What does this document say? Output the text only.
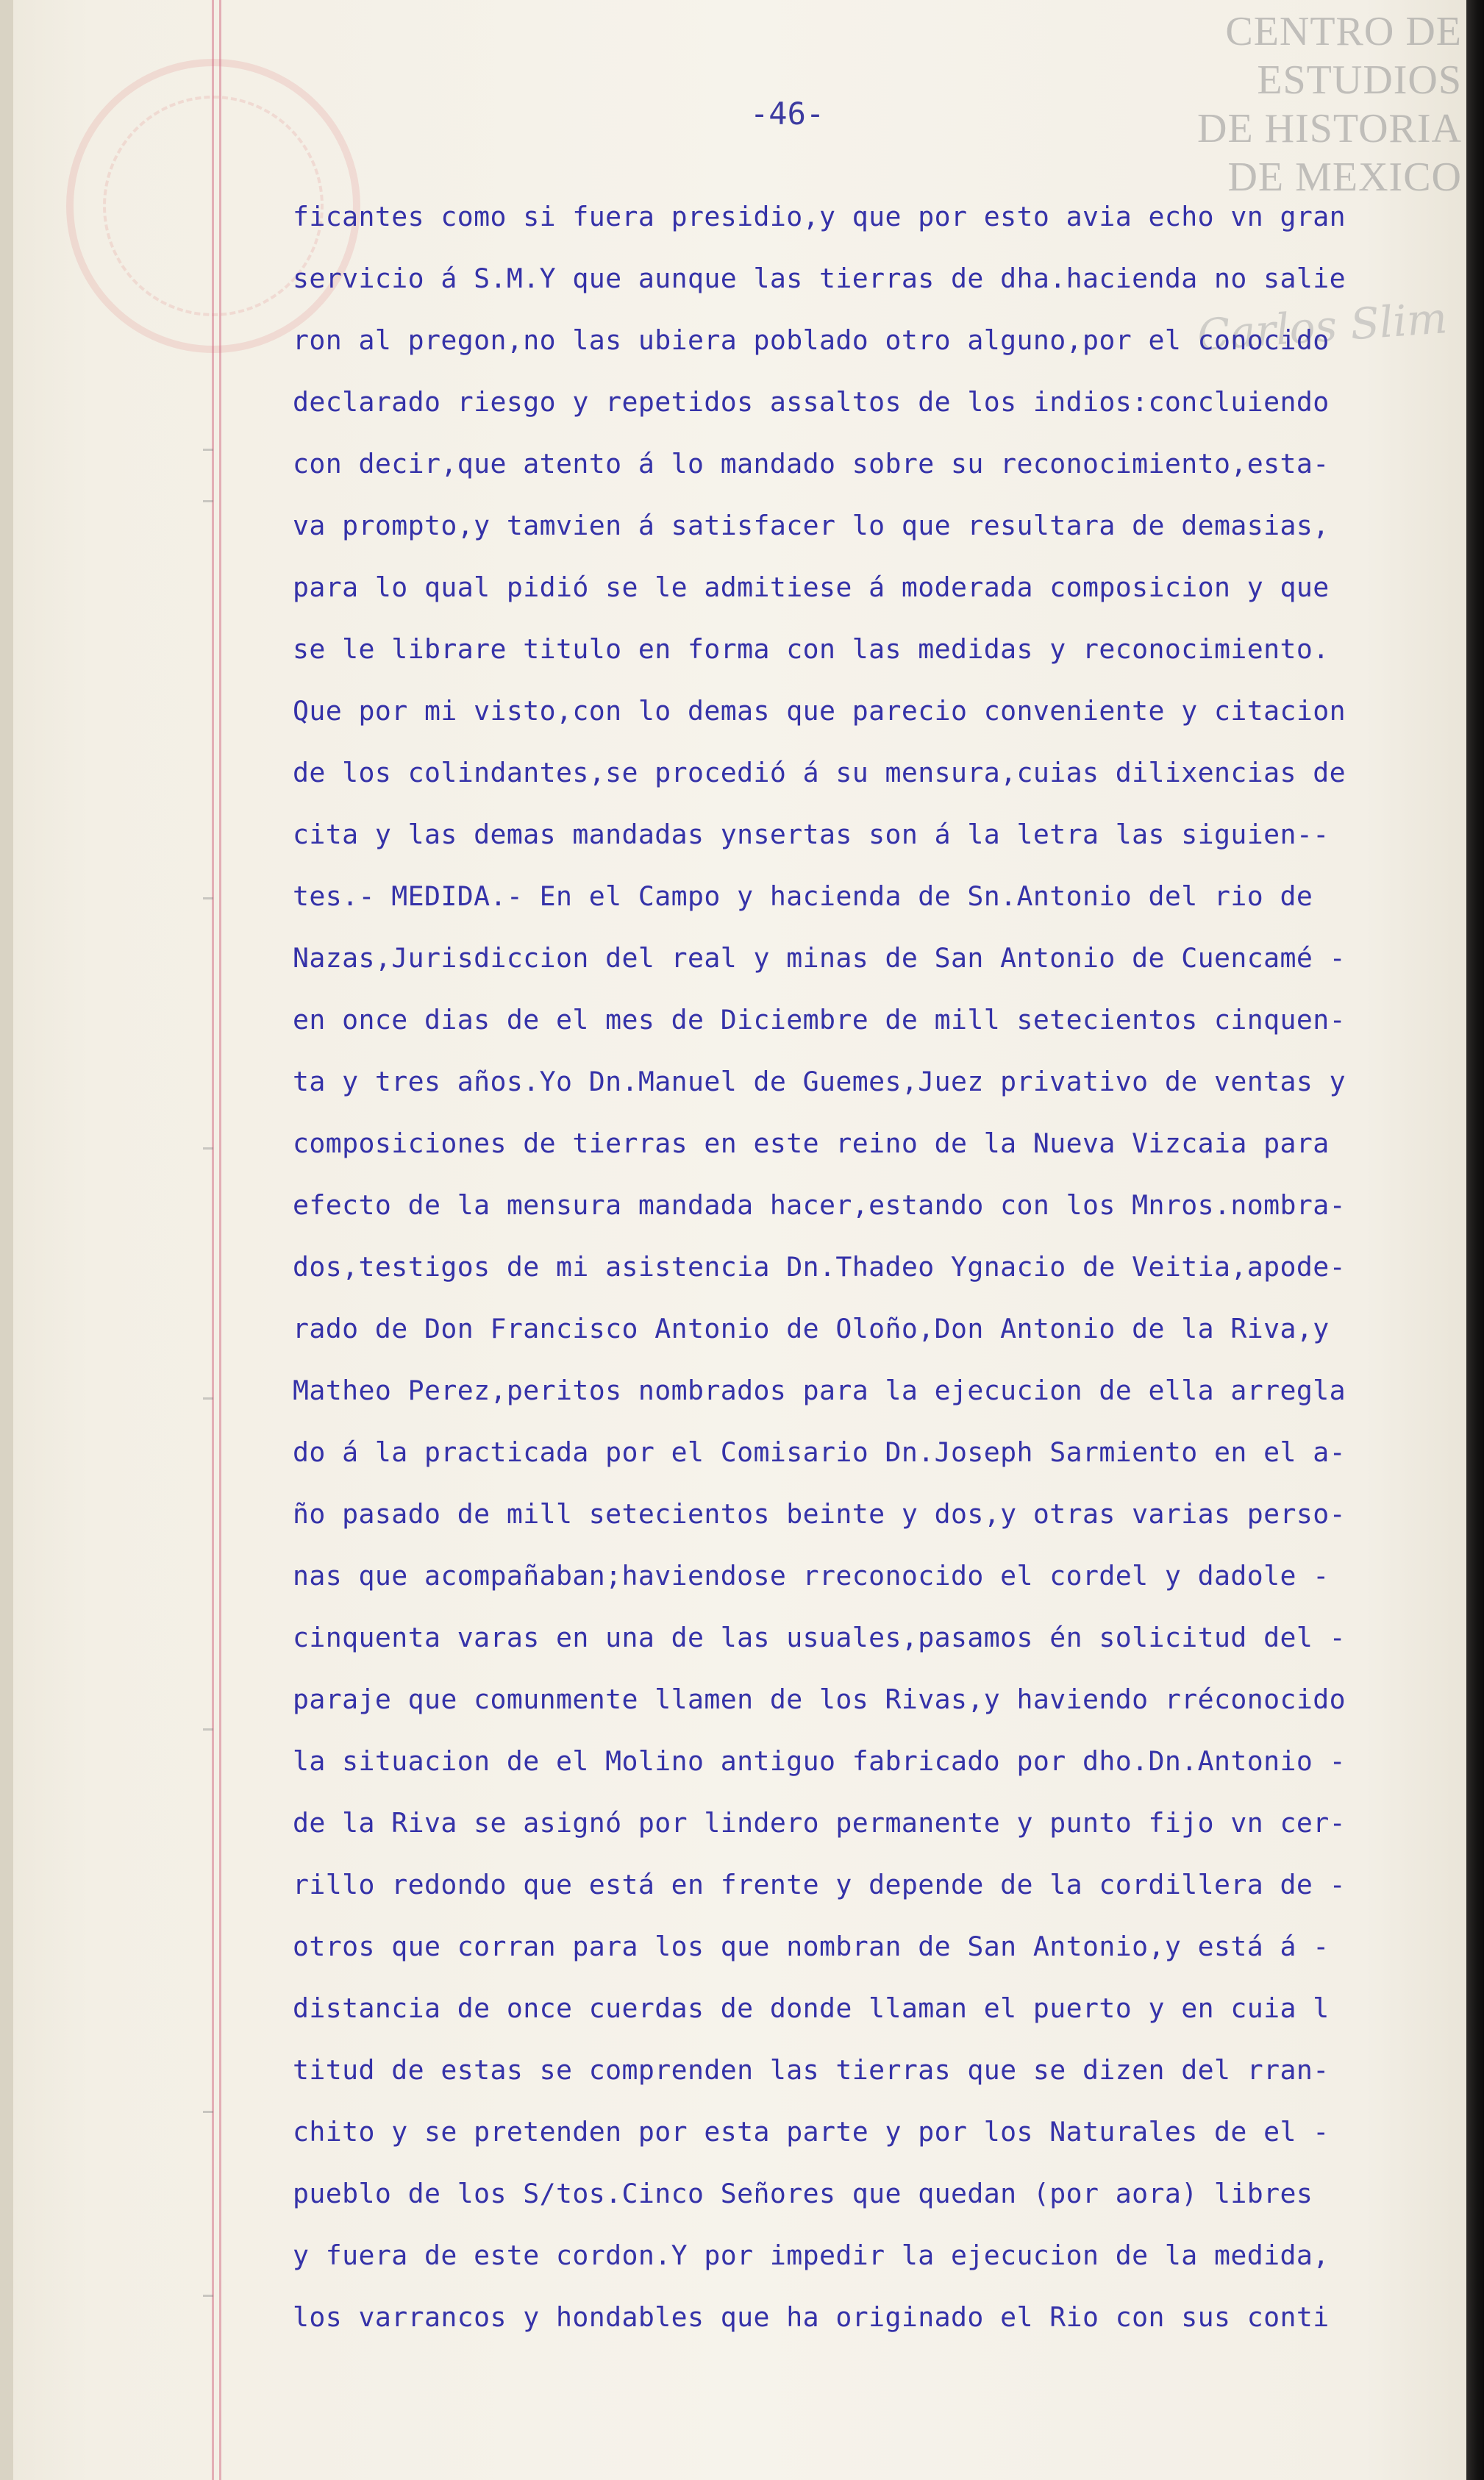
CENTRO DE
ESTUDIOS
DE HISTORIA
DE MEXICO
Carlos Slim
-46-
ficantes como si fuera presidio,y que por esto avia echo vn gran
servicio á S.M.Y que aunque las tierras de dha.hacienda no salie
ron al pregon,no las ubiera poblado otro alguno,por el conocido
declarado riesgo y repetidos assaltos de los indios:concluiendo
con decir,que atento á lo mandado sobre su reconocimiento,esta-
va prompto,y tamvien á satisfacer lo que resultara de demasias,
para lo qual pidió se le admitiese á moderada composicion y que
se le librare titulo en forma con las medidas y reconocimiento.
Que por mi visto,con lo demas que parecio conveniente y citacion
de los colindantes,se procedió á su mensura,cuias dilixencias de
cita y las demas mandadas ynsertas son á la letra las siguien--
tes.- MEDIDA.- En el Campo y hacienda de Sn.Antonio del rio de
Nazas,Jurisdiccion del real y minas de San Antonio de Cuencamé -
en once dias de el mes de Diciembre de mill setecientos cinquen-
ta y tres años.Yo Dn.Manuel de Guemes,Juez privativo de ventas y
composiciones de tierras en este reino de la Nueva Vizcaia para
efecto de la mensura mandada hacer,estando con los Mnros.nombra-
dos,testigos de mi asistencia Dn.Thadeo Ygnacio de Veitia,apode-
rado de Don Francisco Antonio de Oloño,Don Antonio de la Riva,y
Matheo Perez,peritos nombrados para la ejecucion de ella arregla
do á la practicada por el Comisario Dn.Joseph Sarmiento en el a-
ño pasado de mill setecientos beinte y dos,y otras varias perso-
nas que acompañaban;haviendose rreconocido el cordel y dadole -
cinquenta varas en una de las usuales,pasamos én solicitud del -
paraje que comunmente llamen de los Rivas,y haviendo rréconocido
la situacion de el Molino antiguo fabricado por dho.Dn.Antonio -
de la Riva se asignó por lindero permanente y punto fijo vn cer-
rillo redondo que está en frente y depende de la cordillera de -
otros que corran para los que nombran de San Antonio,y está á -
distancia de once cuerdas de donde llaman el puerto y en cuia l
titud de estas se comprenden las tierras que se dizen del rran-
chito y se pretenden por esta parte y por los Naturales de el -
pueblo de los S/tos.Cinco Señores que quedan (por aora) libres
y fuera de este cordon.Y por impedir la ejecucion de la medida,
los varrancos y hondables que ha originado el Rio con sus conti
